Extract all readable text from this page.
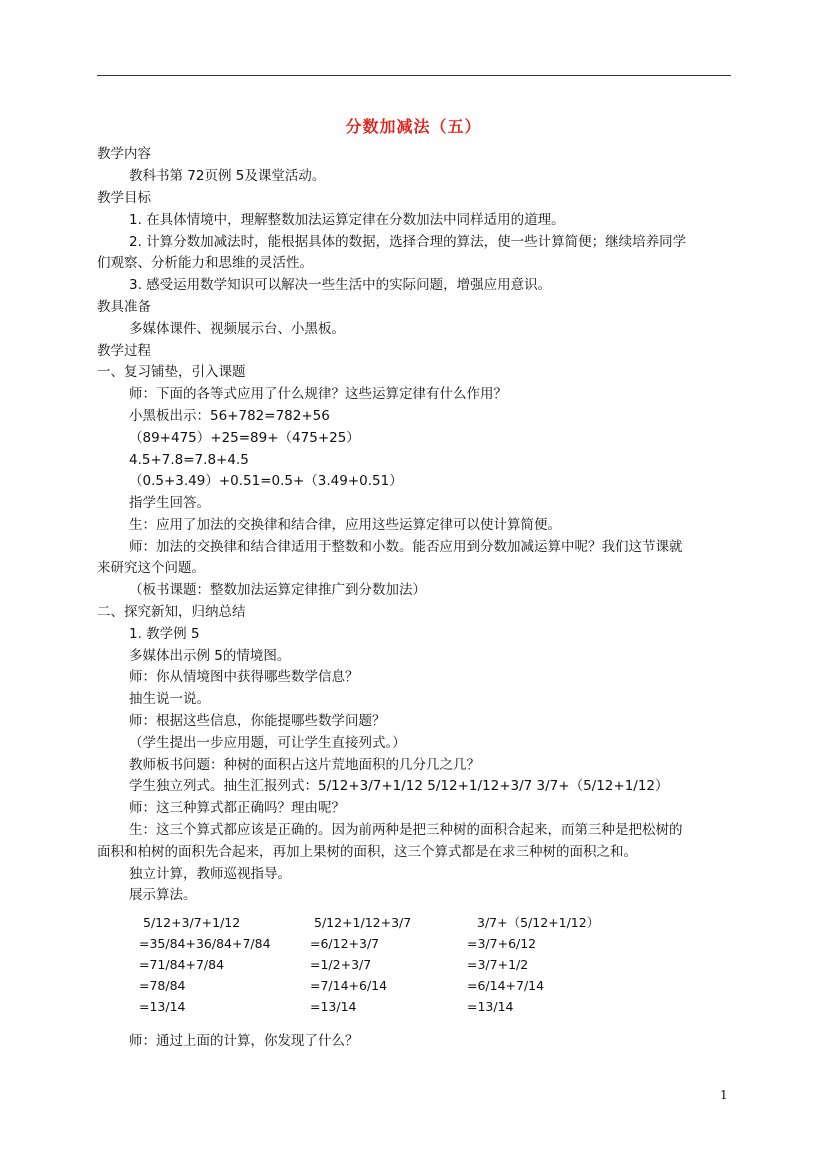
分数加减法（五）
教学内容
教科书第 72页例 5及课堂活动。
教学目标
1. 在具体情境中，理解整数加法运算定律在分数加法中同样适用的道理。
2. 计算分数加减法时，能根据具体的数据，选择合理的算法，使一些计算简便；继续培养同学
们观察、分析能力和思维的灵活性。
3. 感受运用数学知识可以解决一些生活中的实际问题，增强应用意识。
教具准备
多媒体课件、视频展示台、小黑板。
教学过程
一、复习铺垫，引入课题
师：下面的各等式应用了什么规律？这些运算定律有什么作用？
小黑板出示：56+782=782+56
（89+475）+25=89+（475+25）
4.5+7.8=7.8+4.5
（0.5+3.49）+0.51=0.5+（3.49+0.51）
指学生回答。
生：应用了加法的交换律和结合律，应用这些运算定律可以使计算简便。
师：加法的交换律和结合律适用于整数和小数。能否应用到分数加减运算中呢？我们这节课就
来研究这个问题。
（板书课题：整数加法运算定律推广到分数加法）
二、探究新知，归纳总结
1. 教学例 5
多媒体出示例 5的情境图。
师：你从情境图中获得哪些数学信息？
抽生说一说。
师：根据这些信息，你能提哪些数学问题？
（学生提出一步应用题，可让学生直接列式。）
教师板书问题：种树的面积占这片荒地面积的几分几之几？
学生独立列式。抽生汇报列式：5/12+3/7+1/12 5/12+1/12+3/7 3/7+（5/12+1/12）
师：这三种算式都正确吗？理由呢？
生：这三个算式都应该是正确的。因为前两种是把三种树的面积合起来，而第三种是把松树的
面积和柏树的面积先合起来，再加上果树的面积，这三个算式都是在求三种树的面积之和。
独立计算，教师巡视指导。
展示算法。
5/12+3/7+1/12
=35/84+36/84+7/84
=71/84+7/84
=78/84
=13/14
5/12+1/12+3/7
=6/12+3/7
=1/2+3/7
=7/14+6/14
=13/14
3/7+（5/12+1/12）
=3/7+6/12
=3/7+1/2
=6/14+7/14
=13/14
师：通过上面的计算，你发现了什么？
1
